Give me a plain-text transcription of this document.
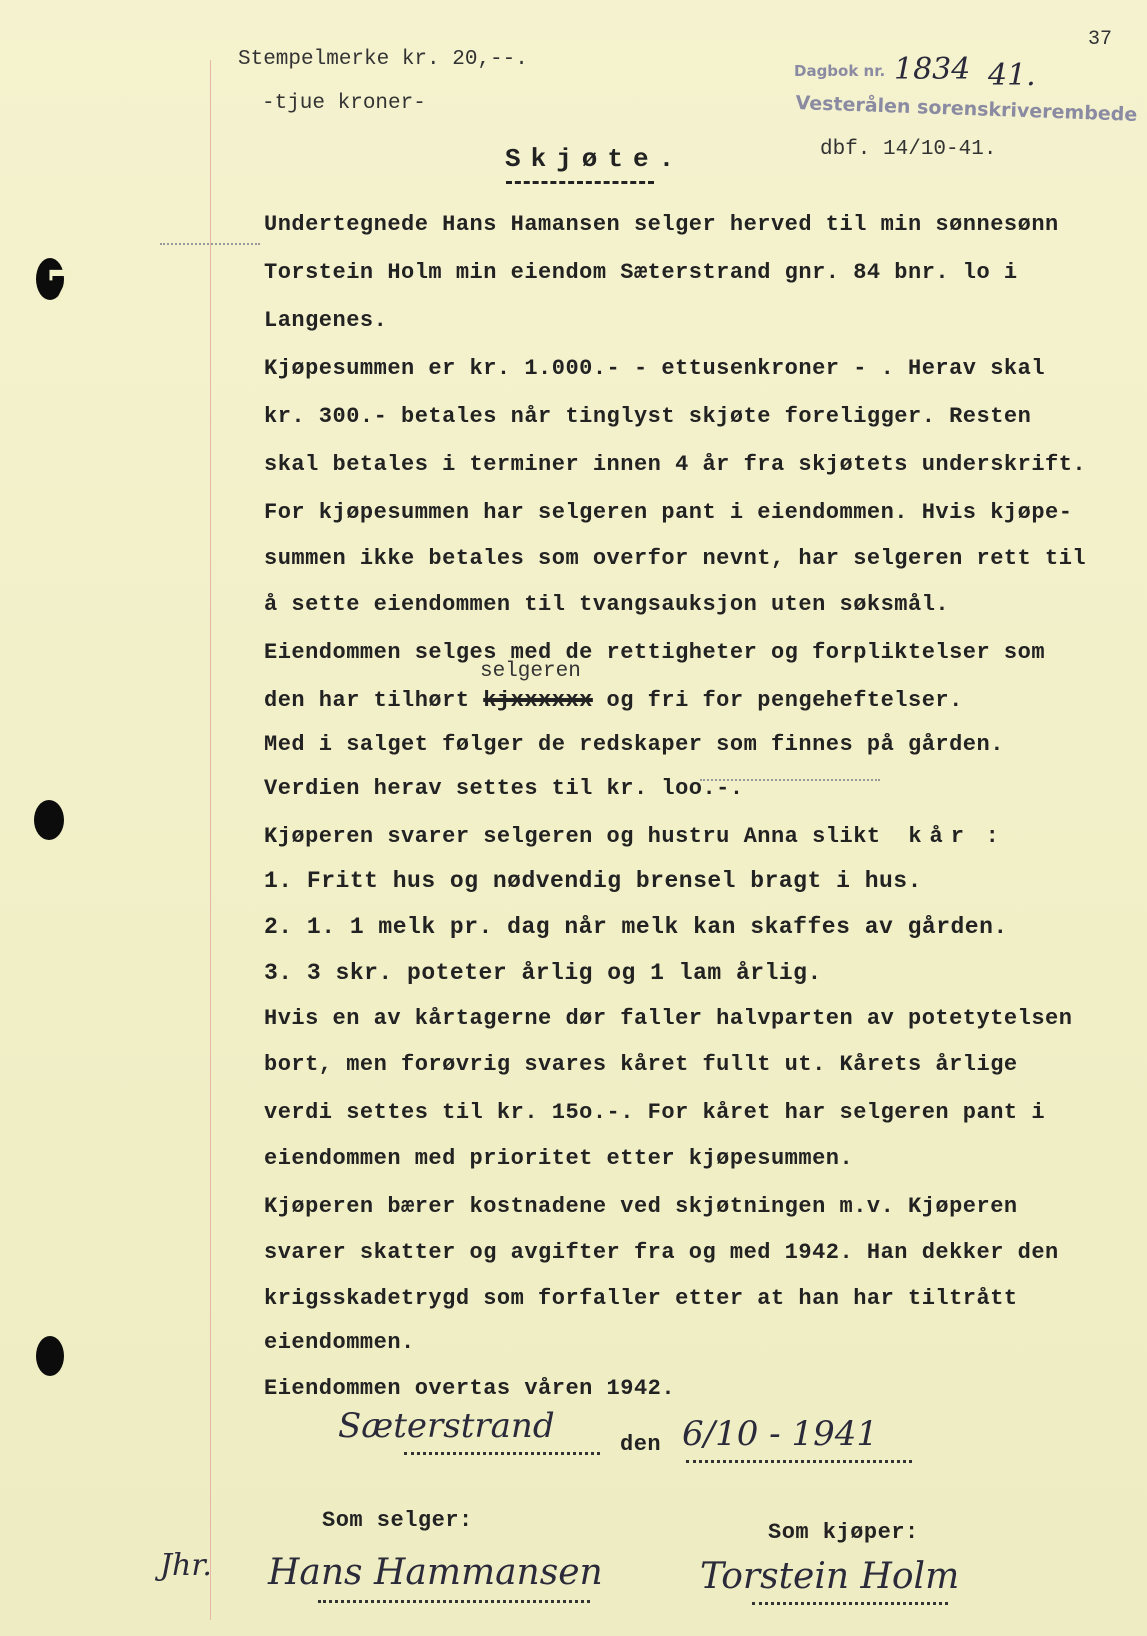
7
37
Stempelmerke kr. 20,--.
-tjue kroner-
Dagbok nr. 1834 41.
Vesterålen sorenskriverembede
dbf. 14/10-41.
Skjøte.
Undertegnede Hans Hamansen selger herved til min sønnesønn
Torstein Holm min eiendom Sæterstrand gnr. 84 bnr. lo i
Langenes.
Kjøpesummen er kr. 1.000.- - ettusenkroner - . Herav skal
kr. 300.- betales når tinglyst skjøte foreligger. Resten
skal betales i terminer innen 4 år fra skjøtets underskrift.
For kjøpesummen har selgeren pant i eiendommen. Hvis kjøpe-
summen ikke betales som overfor nevnt, har selgeren rett til
å sette eiendommen til tvangsauksjon uten søksmål.
Eiendommen selges med de rettigheter og forpliktelser som
selgeren
den har tilhørt kjxxxxxx og fri for pengeheftelser.
Med i salget følger de redskaper som finnes på gården.
Verdien herav settes til kr. loo.-.
Kjøperen svarer selgeren og hustru Anna slikt kår :
1. Fritt hus og nødvendig brensel bragt i hus.
2. 1. 1 melk pr. dag når melk kan skaffes av gården.
3. 3 skr. poteter årlig og 1 lam årlig.
Hvis en av kårtagerne dør faller halvparten av potetytelsen
bort, men forøvrig svares kåret fullt ut. Kårets årlige
verdi settes til kr. 15o.-. For kåret har selgeren pant i
eiendommen med prioritet etter kjøpesummen.
Kjøperen bærer kostnadene ved skjøtningen m.v. Kjøperen
svarer skatter og avgifter fra og med 1942. Han dekker den
krigsskadetrygd som forfaller etter at han har tiltrått
eiendommen.
Eiendommen overtas våren 1942.
Sæterstrand	den 6/10 - 1941
Som selger:	Som kjøper:
Jhr. Hans Hammansen	Torstein Holm
